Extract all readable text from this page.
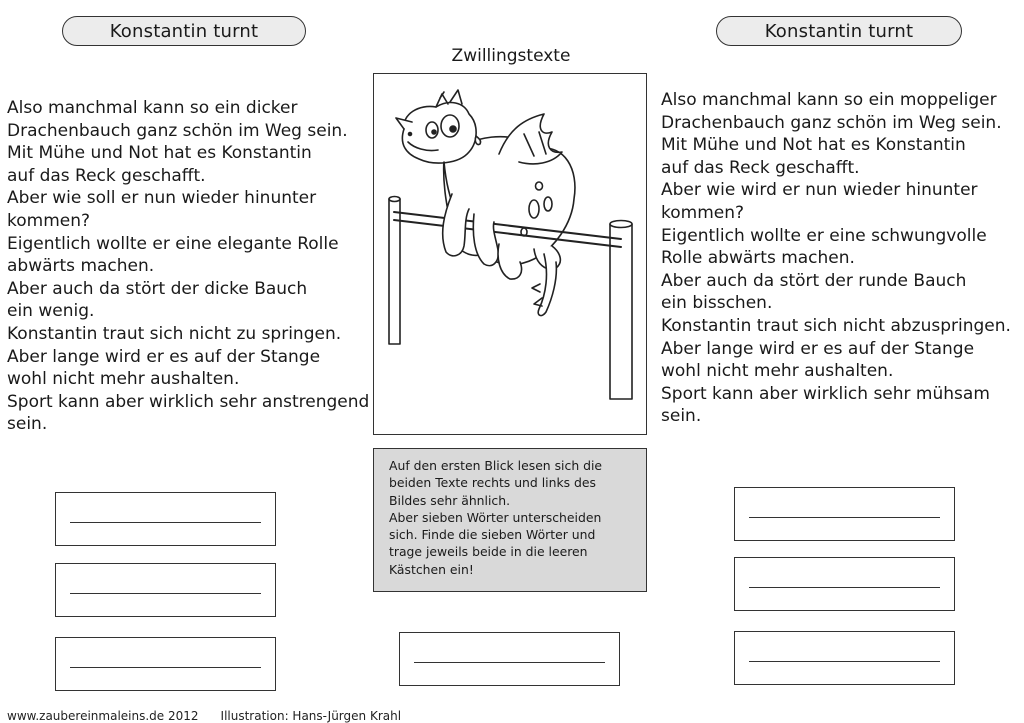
Konstantin turnt	Konstantin turnt
Zwillingstexte
Also manchmal kann so ein dicker
Drachenbauch ganz schön im Weg sein.
Mit Mühe und Not hat es Konstantin
auf das Reck geschafft.
Aber wie soll er nun wieder hinunter
kommen?
Eigentlich wollte er eine elegante Rolle
abwärts machen.
Aber auch da stört der dicke Bauch
ein wenig.
Konstantin traut sich nicht zu springen.
Aber lange wird er es auf der Stange
wohl nicht mehr aushalten.
Sport kann aber wirklich sehr anstrengend
sein.
Also manchmal kann so ein moppeliger
Drachenbauch ganz schön im Weg sein.
Mit Mühe und Not hat es Konstantin
auf das Reck geschafft.
Aber wie wird er nun wieder hinunter
kommen?
Eigentlich wollte er eine schwungvolle
Rolle abwärts machen.
Aber auch da stört der runde Bauch
ein bisschen.
Konstantin traut sich nicht abzuspringen.
Aber lange wird er es auf der Stange
wohl nicht mehr aushalten.
Sport kann aber wirklich sehr mühsam
sein.
Auf den ersten Blick lesen sich die
beiden Texte rechts und links des
Bildes sehr ähnlich.
Aber sieben Wörter unterscheiden
sich. Finde die sieben Wörter und
trage jeweils beide in die leeren
Kästchen ein!
www.zaubereinmaleins.de 2012 Illustration: Hans-Jürgen Krahl
